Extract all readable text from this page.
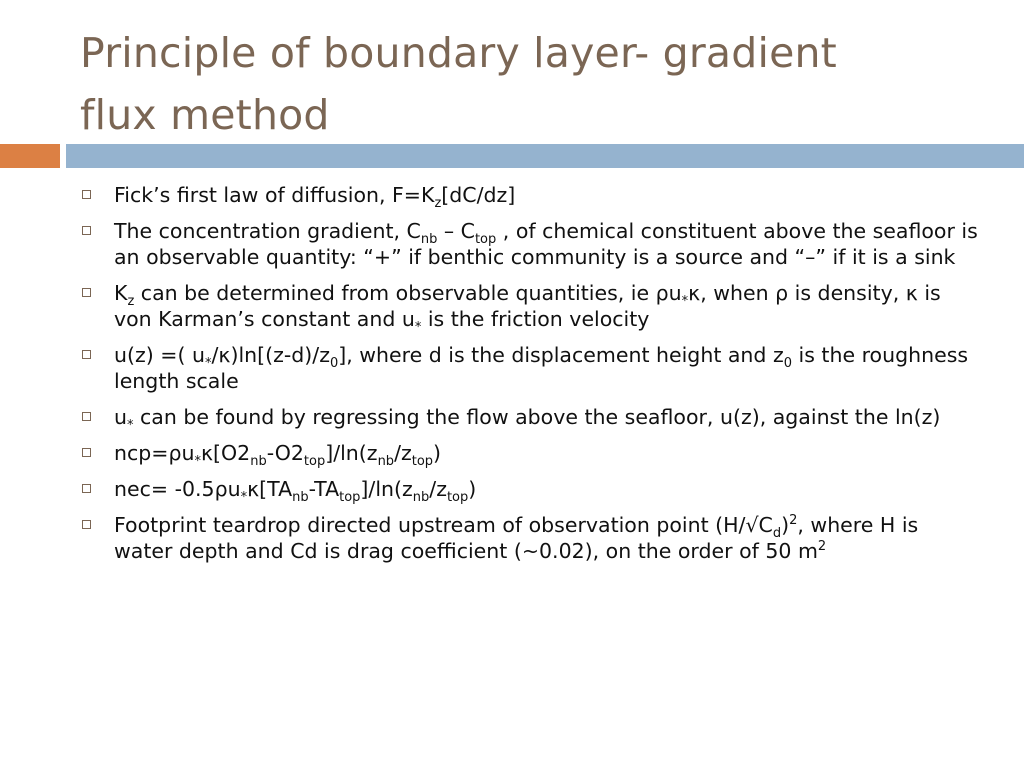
Principle of boundary layer- gradient
flux method
Fick’s first law of diffusion, $F=K_z[dC/dz]$
The concentration gradient, $C_{nb} - C_{top}$ , of chemical constituent above the seafloor is an observable quantity: “+” if benthic community is a source and “–” if it is a sink
$K_z$ can be determined from observable quantities, ie $\rho u_*\kappa$, when ρ is density, κ is von Karman’s constant and $u_*$ is the friction velocity
u(z) =( $u_*/\kappa)\ln[(z-d)/z_0]$, where d is the displacement height and $z_0$ is the roughness length scale
$u_*$ can be found by regressing the flow above the seafloor, u(z), against the ln(z)
$ncp=\rho u_*\kappa[O2_{nb}-O2_{top}]/\ln(z_{nb}/z_{top})$
$nec= -0.5\rho u_*\kappa[TA_{nb}-TA_{top}]/\ln(z_{nb}/z_{top})$
Footprint teardrop directed upstream of observation point $(H/√C_d)^2$, where H is water depth and Cd is drag coefficient (~0.02), on the order of 50 $m^2$
